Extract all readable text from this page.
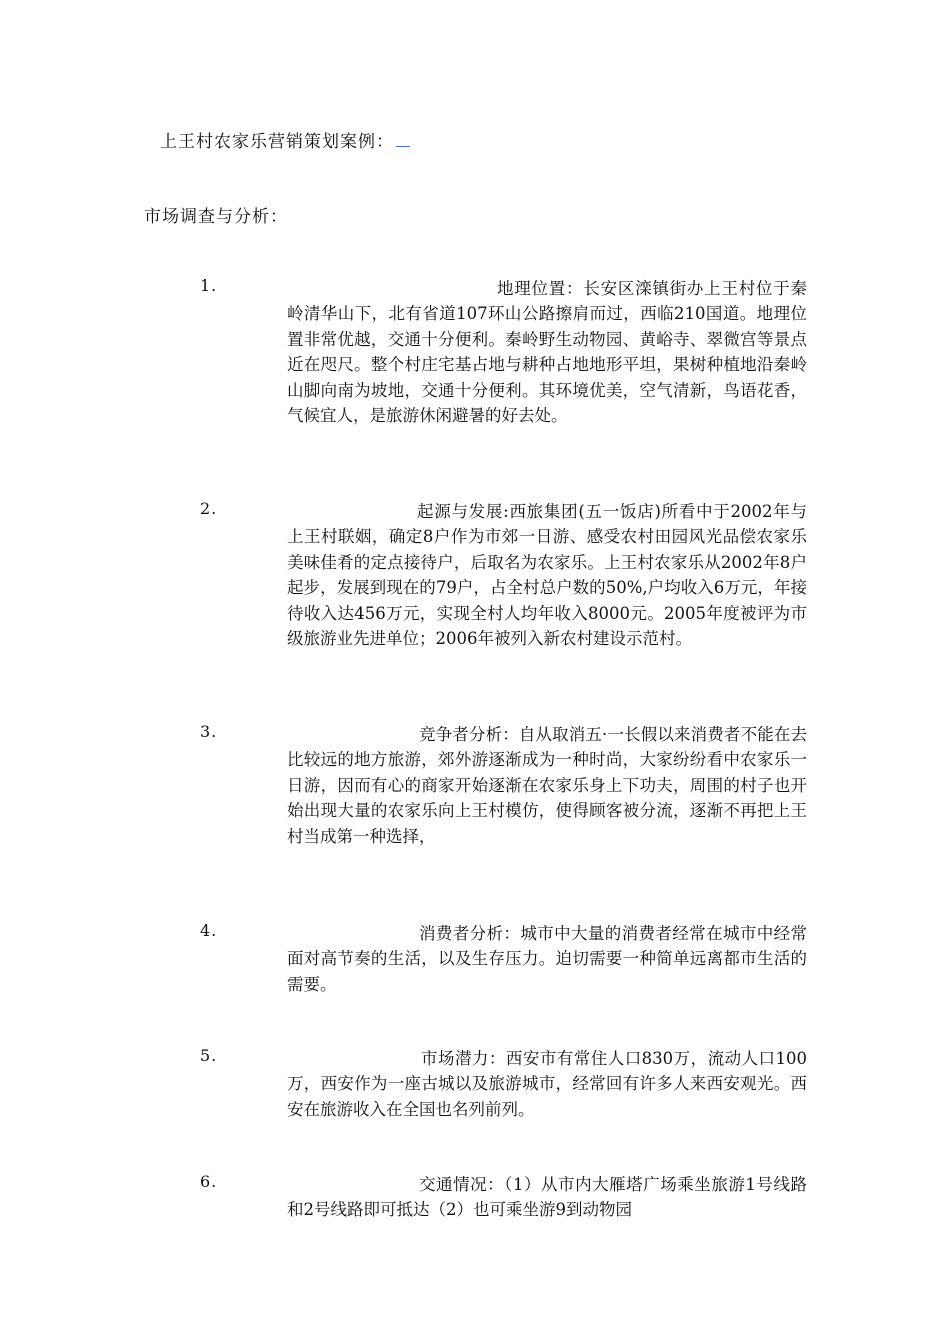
上王村农家乐营销策划案例：
市场调查与分析：
1.	地理位置：长安区滦镇街办上王村位于秦岭清华山下，北有省道107环山公路擦肩而过，西临210国道。地理位置非常优越，交通十分便利。秦岭野生动物园、黄峪寺、翠微宫等景点近在咫尺。整个村庄宅基占地与耕种占地地形平坦，果树种植地沿秦岭山脚向南为坡地，交通十分便利。其环境优美，空气清新，鸟语花香，气候宜人，是旅游休闲避暑的好去处。
2.	起源与发展:西旅集团(五一饭店)所看中于2002年与上王村联姻，确定8户作为市郊一日游、感受农村田园风光品偿农家乐美味佳肴的定点接待户，后取名为农家乐。上王村农家乐从2002年8户起步，发展到现在的79户，占全村总户数的50%,户均收入6万元，年接待收入达456万元，实现全村人均年收入8000元。2005年度被评为市级旅游业先进单位；2006年被列入新农村建设示范村。
3.	竞争者分析：自从取消五·一长假以来消费者不能在去比较远的地方旅游，郊外游逐渐成为一种时尚，大家纷纷看中农家乐一日游，因而有心的商家开始逐渐在农家乐身上下功夫，周围的村子也开始出现大量的农家乐向上王村模仿，使得顾客被分流，逐渐不再把上王村当成第一种选择，
4.	消费者分析：城市中大量的消费者经常在城市中经常面对高节奏的生活，以及生存压力。迫切需要一种简单远离都市生活的需要。
5.	市场潜力：西安市有常住人口830万，流动人口100万，西安作为一座古城以及旅游城市，经常回有许多人来西安观光。西安在旅游收入在全国也名列前列。
6.	交通情况：（1）从市内大雁塔广场乘坐旅游1号线路和2号线路即可抵达（2）也可乘坐游9到动物园
